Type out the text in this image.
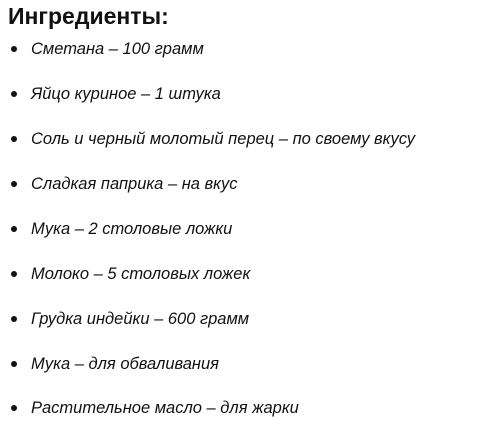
Ингредиенты:
Сметана – 100 грамм
Яйцо куриное – 1 штука
Соль и черный молотый перец – по своему вкусу
Сладкая паприка – на вкус
Мука – 2 столовые ложки
Молоко – 5 столовых ложек
Грудка индейки – 600 грамм
Мука – для обваливания
Растительное масло – для жарки
